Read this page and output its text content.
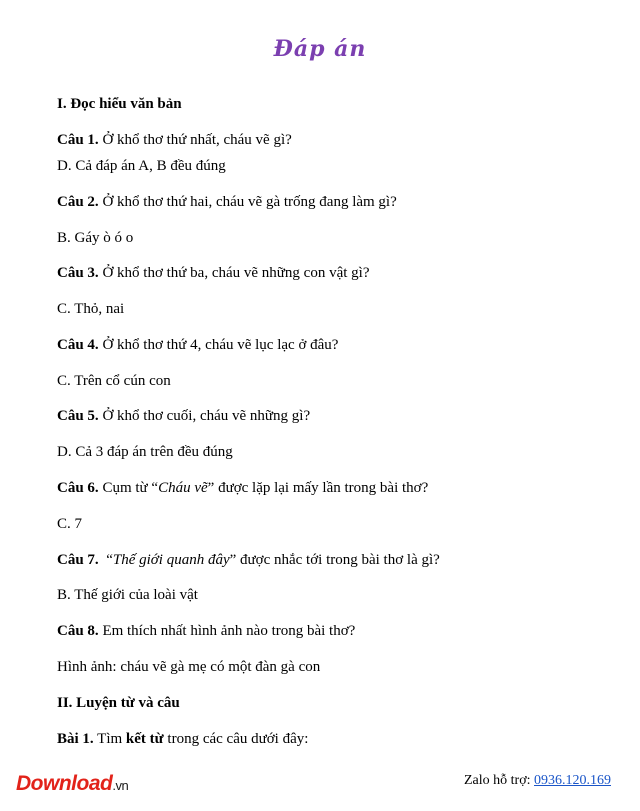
Đáp án
I. Đọc hiểu văn bản
Câu 1. Ở khổ thơ thứ nhất, cháu vẽ gì?
D. Cả đáp án A, B đều đúng
Câu 2. Ở khổ thơ thứ hai, cháu vẽ gà trống đang làm gì?
B. Gáy ò ó o
Câu 3. Ở khổ thơ thứ ba, cháu vẽ những con vật gì?
C. Thỏ, nai
Câu 4. Ở khổ thơ thứ 4, cháu vẽ lục lạc ở đâu?
C. Trên cổ cún con
Câu 5. Ở khổ thơ cuối, cháu vẽ những gì?
D. Cả 3 đáp án trên đều đúng
Câu 6. Cụm từ “Cháu vẽ” được lặp lại mấy lần trong bài thơ?
C. 7
Câu 7. “Thế giới quanh đây” được nhắc tới trong bài thơ là gì?
B. Thế giới của loài vật
Câu 8. Em thích nhất hình ảnh nào trong bài thơ?
Hình ảnh: cháu vẽ gà mẹ có một đàn gà con
II. Luyện từ và câu
Bài 1. Tìm kết từ trong các câu dưới đây:
Download.vn	Zalo hỗ trợ: 0936.120.169
